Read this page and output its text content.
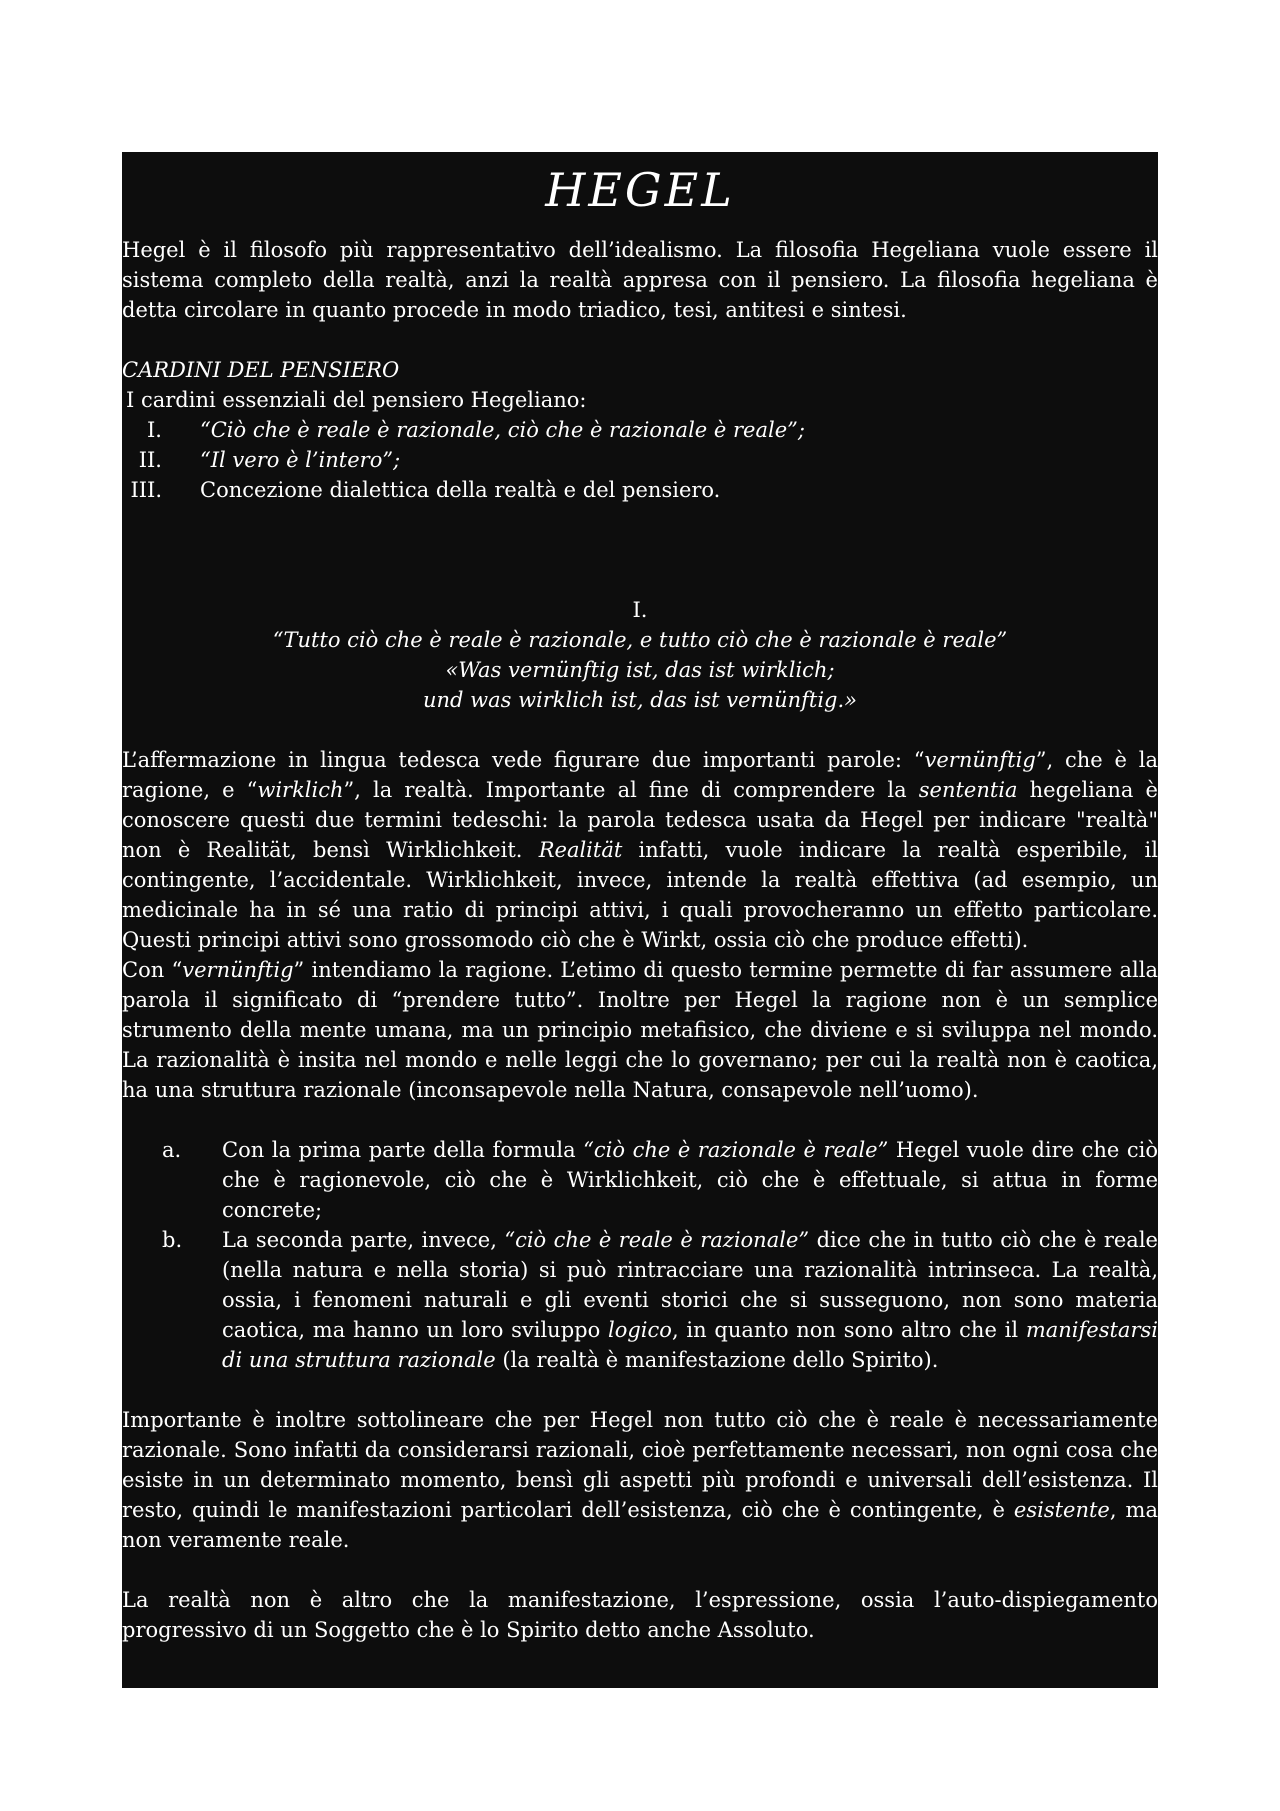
HEGEL

Hegel è il filosofo più rappresentativo dell’idealismo. La filosofia Hegeliana vuole essere il sistema completo della realtà, anzi la realtà appresa con il pensiero. La filosofia hegeliana è detta circolare in quanto procede in modo triadico, tesi, antitesi e sintesi.

CARDINI DEL PENSIERO

I cardini essenziali del pensiero Hegeliano:

I.	“Ciò che è reale è razionale, ciò che è razionale è reale”;
II.	“Il vero è l’intero”;
III.	Concezione dialettica della realtà e del pensiero.
I.
“Tutto ciò che è reale è razionale, e tutto ciò che è razionale è reale”
«Was vernünftig ist, das ist wirklich;
und was wirklich ist, das ist vernünftig.»

L’affermazione in lingua tedesca vede figurare due importanti parole: “vernünftig”, che è la ragione, e “wirklich”, la realtà. Importante al fine di comprendere la sententia hegeliana è conoscere questi due termini tedeschi: la parola tedesca usata da Hegel per indicare "realtà" non è Realität, bensì Wirklichkeit. Realität infatti, vuole indicare la realtà esperibile, il contingente, l’accidentale. Wirklichkeit, invece, intende la realtà effettiva (ad esempio, un medicinale ha in sé una ratio di principi attivi, i quali provocheranno un effetto particolare. Questi principi attivi sono grossomodo ciò che è Wirkt, ossia ciò che produce effetti).

Con “vernünftig” intendiamo la ragione. L’etimo di questo termine permette di far assumere alla parola il significato di “prendere tutto”. Inoltre per Hegel la ragione non è un semplice strumento della mente umana, ma un principio metafisico, che diviene e si sviluppa nel mondo. La razionalità è insita nel mondo e nelle leggi che lo governano; per cui la realtà non è caotica, ha una struttura razionale (inconsapevole nella Natura, consapevole nell’uomo).

a.	Con la prima parte della formula “ciò che è razionale è reale” Hegel vuole dire che ciò che è ragionevole, ciò che è Wirklichkeit, ciò che è effettuale, si attua in forme concrete;
b.	La seconda parte, invece, “ciò che è reale è razionale” dice che in tutto ciò che è reale (nella natura e nella storia) si può rintracciare una razionalità intrinseca. La realtà, ossia, i fenomeni naturali e gli eventi storici che si susseguono, non sono materia caotica, ma hanno un loro sviluppo logico, in quanto non sono altro che il manifestarsi di una struttura razionale (la realtà è manifestazione dello Spirito).

Importante è inoltre sottolineare che per Hegel non tutto ciò che è reale è necessariamente razionale. Sono infatti da considerarsi razionali, cioè perfettamente necessari, non ogni cosa che esiste in un determinato momento, bensì gli aspetti più profondi e universali dell’esistenza. Il resto, quindi le manifestazioni particolari dell’esistenza, ciò che è contingente, è esistente, ma non veramente reale.

La realtà non è altro che la manifestazione, l’espressione, ossia l’auto-dispiegamento progressivo di un Soggetto che è lo Spirito detto anche Assoluto.
